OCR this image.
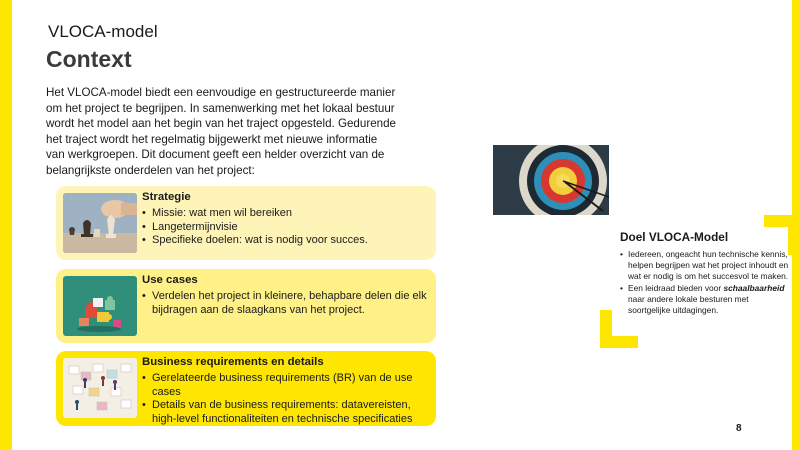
VLOCA-model
Context

Het VLOCA-model biedt een eenvoudige en gestructureerde manier om het project te begrijpen. In samenwerking met het lokaal bestuur wordt het model aan het begin van het traject opgesteld. Gedurende het traject wordt het regelmatig bijgewerkt met nieuwe informatie van werkgroepen. Dit document geeft een helder overzicht van de belangrijkste onderdelen van het project:

Strategie
• Missie: wat men wil bereiken
• Langetermijnvisie
• Specifieke doelen: wat is nodig voor succes.
Use cases
• Verdelen het project in kleinere, behapbare delen die elk bijdragen aan de slaagkans van het project.
Business requirements en details
• Gerelateerde business requirements (BR) van de use cases
• Details van de business requirements: datavereisten, high-level functionaliteiten en technische specificaties
Doel VLOCA-Model
• Iedereen, ongeacht hun technische kennis, helpen begrijpen wat het project inhoudt en wat er nodig is om het succesvol te maken.
• Een leidraad bieden voor schaalbaarheid naar andere lokale besturen met soortgelijke uitdagingen.
8
